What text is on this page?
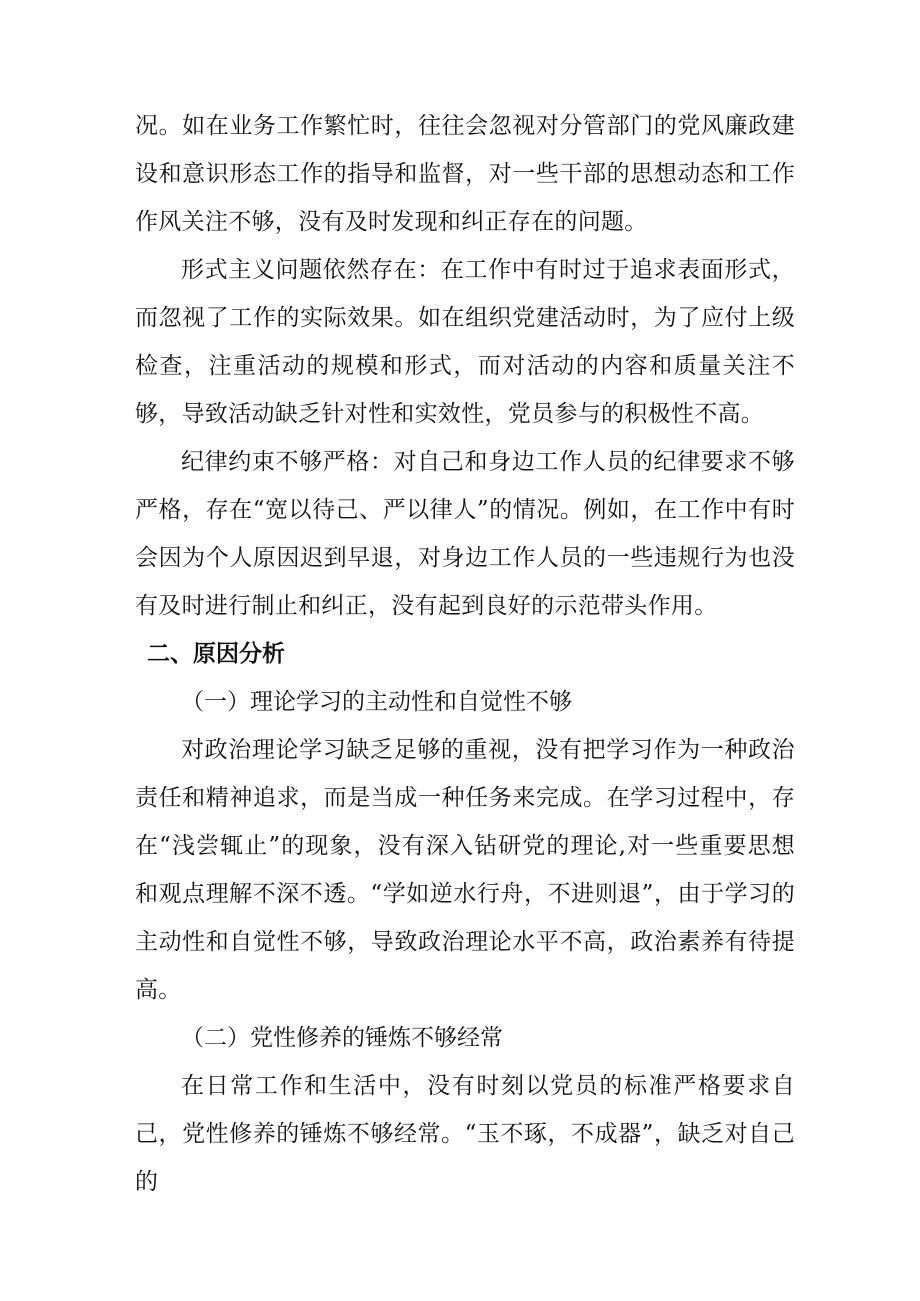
况。如在业务工作繁忙时，往往会忽视对分管部门的党风廉政建设和意识形态工作的指导和监督，对一些干部的思想动态和工作作风关注不够，没有及时发现和纠正存在的问题。

形式主义问题依然存在：在工作中有时过于追求表面形式，而忽视了工作的实际效果。如在组织党建活动时，为了应付上级检查，注重活动的规模和形式，而对活动的内容和质量关注不够，导致活动缺乏针对性和实效性，党员参与的积极性不高。

纪律约束不够严格：对自己和身边工作人员的纪律要求不够严格，存在“宽以待己、严以律人”的情况。例如，在工作中有时会因为个人原因迟到早退，对身边工作人员的一些违规行为也没有及时进行制止和纠正，没有起到良好的示范带头作用。

二、原因分析

（一）理论学习的主动性和自觉性不够

对政治理论学习缺乏足够的重视，没有把学习作为一种政治责任和精神追求，而是当成一种任务来完成。在学习过程中，存在“浅尝辄止”的现象，没有深入钻研党的理论,对一些重要思想和观点理解不深不透。“学如逆水行舟，不进则退”，由于学习的主动性和自觉性不够，导致政治理论水平不高，政治素养有待提高。

（二）党性修养的锤炼不够经常

在日常工作和生活中，没有时刻以党员的标准严格要求自己，党性修养的锤炼不够经常。“玉不琢，不成器”，缺乏对自己的
